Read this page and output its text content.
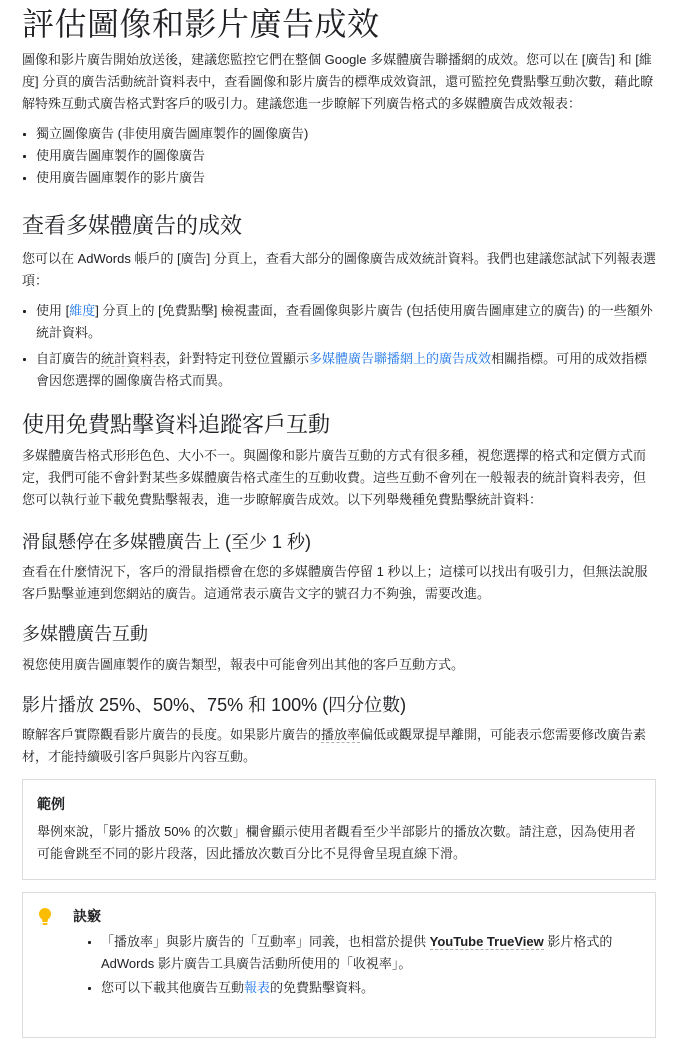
評估圖像和影片廣告成效

圖像和影片廣告開始放送後，建議您監控它們在整個 Google 多媒體廣告聯播網的成效。您可以在 [廣告] 和 [維度] 分頁的廣告活動統計資料表中，查看圖像和影片廣告的標準成效資訊，還可監控免費點擊互動次數，藉此瞭解特殊互動式廣告格式對客戶的吸引力。建議您進一步瞭解下列廣告格式的多媒體廣告成效報表：

獨立圖像廣告 (非使用廣告圖庫製作的圖像廣告)
使用廣告圖庫製作的圖像廣告
使用廣告圖庫製作的影片廣告
查看多媒體廣告的成效

您可以在 AdWords 帳戶的 [廣告] 分頁上，查看大部分的圖像廣告成效統計資料。我們也建議您試試下列報表選項：

使用 [維度] 分頁上的 [免費點擊] 檢視畫面，查看圖像與影片廣告 (包括使用廣告圖庫建立的廣告) 的一些額外統計資料。
自訂廣告的統計資料表，針對特定刊登位置顯示多媒體廣告聯播網上的廣告成效相關指標。可用的成效指標會因您選擇的圖像廣告格式而異。
使用免費點擊資料追蹤客戶互動

多媒體廣告格式形形色色、大小不一。與圖像和影片廣告互動的方式有很多種，視您選擇的格式和定價方式而定，我們可能不會針對某些多媒體廣告格式產生的互動收費。這些互動不會列在一般報表的統計資料表旁，但您可以執行並下載免費點擊報表，進一步瞭解廣告成效。以下列舉幾種免費點擊統計資料：

滑鼠懸停在多媒體廣告上 (至少 1 秒)

查看在什麼情況下，客戶的滑鼠指標會在您的多媒體廣告停留 1 秒以上；這樣可以找出有吸引力，但無法說服客戶點擊並連到您網站的廣告。這通常表示廣告文字的號召力不夠強，需要改進。

多媒體廣告互動

視您使用廣告圖庫製作的廣告類型，報表中可能會列出其他的客戶互動方式。

影片播放 25%、50%、75% 和 100% (四分位數)

瞭解客戶實際觀看影片廣告的長度。如果影片廣告的播放率偏低或觀眾提早離開，可能表示您需要修改廣告素材，才能持續吸引客戶與影片內容互動。

範例

舉例來說，「影片播放 50% 的次數」欄會顯示使用者觀看至少半部影片的播放次數。請注意，因為使用者可能會跳至不同的影片段落，因此播放次數百分比不見得會呈現直線下滑。

訣竅
「播放率」與影片廣告的「互動率」同義，也相當於提供 YouTube TrueView 影片格式的 AdWords 影片廣告工具廣告活動所使用的「收視率」。
您可以下載其他廣告互動報表的免費點擊資料。
